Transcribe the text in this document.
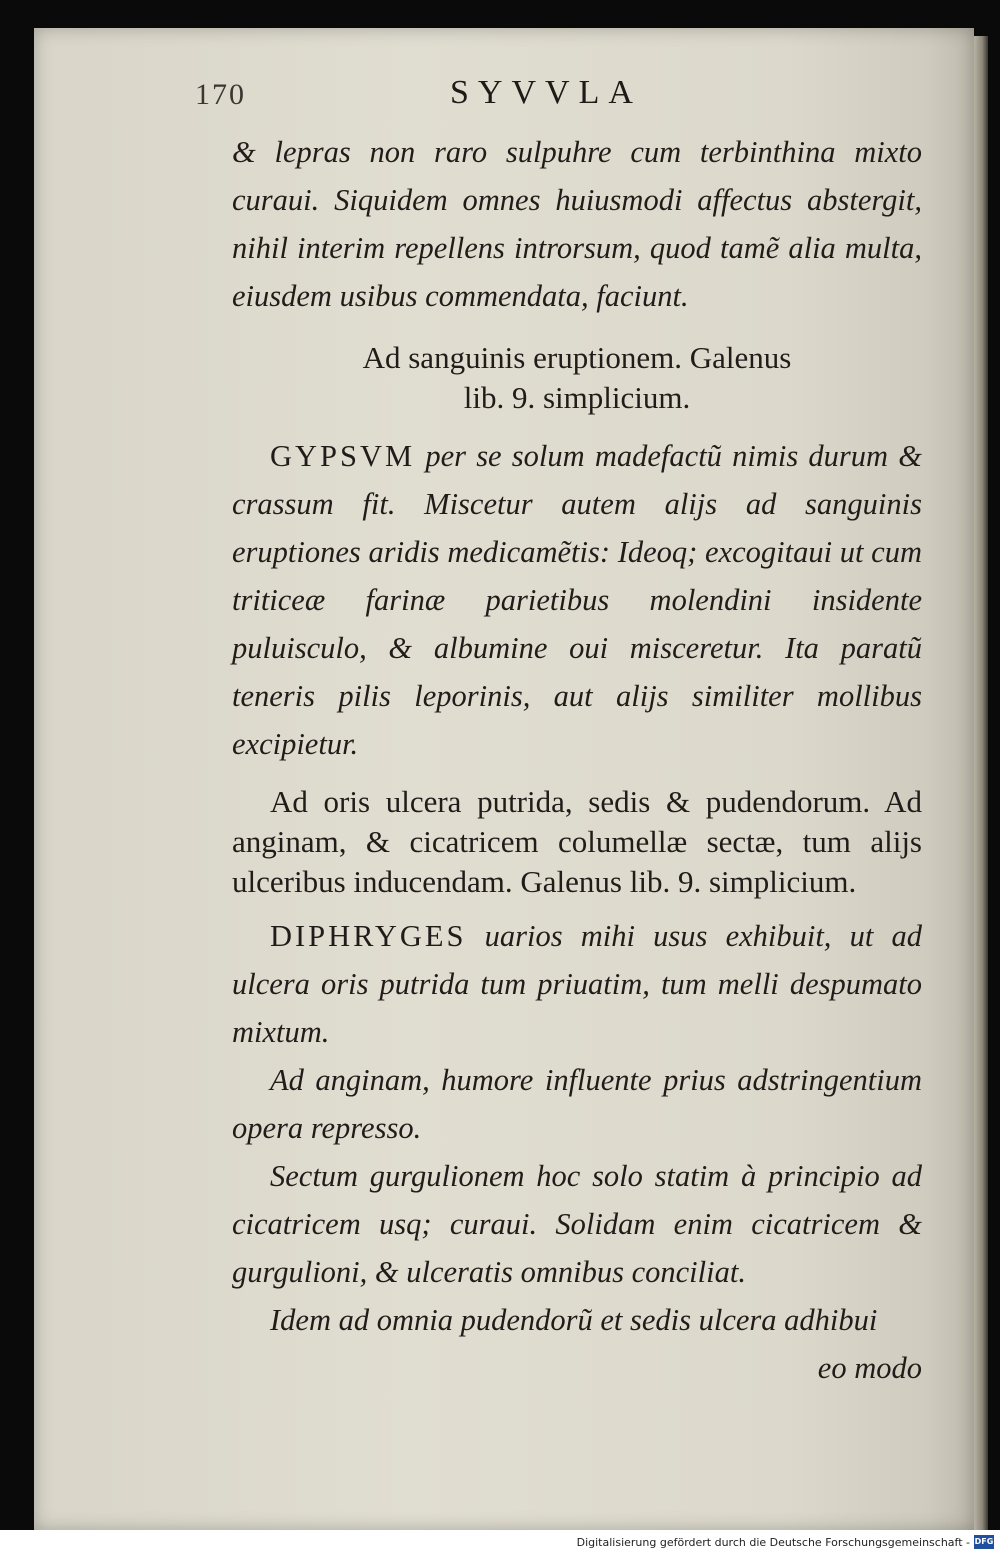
170	SYVVLA

& lepras non raro sulpuhre cum terbinthina mixto curaui. Siquidem omnes huiusmodi affectus abstergit, nihil interim repellens introrsum, quod tamẽ alia multa, eiusdem usibus commendata, faciunt.

Ad sanguinis eruptionem. Galenus

lib. 9. simplicium.

GYPSVM per se solum madefactũ nimis durum & crassum fit. Miscetur autem alijs ad sanguinis eruptiones aridis medicamẽtis: Ideoq; excogitaui ut cum triticeæ farinæ parietibus molendini insidente puluisculo, & albumine oui misceretur. Ita paratũ teneris pilis leporinis, aut alijs similiter mollibus excipietur.

Ad oris ulcera putrida, sedis & pudendorum. Ad anginam, & cicatricem columellæ sectæ, tum alijs ulceribus inducendam. Galenus lib. 9. simplicium.

DIPHRYGES uarios mihi usus exhibuit, ut ad ulcera oris putrida tum priuatim, tum melli despumato mixtum.

Ad anginam, humore influente prius adstringentium opera represso.

Sectum gurgulionem hoc solo statim à principio ad cicatricem usq; curaui. Solidam enim cicatricem & gurgulioni, & ulceratis omnibus conciliat.

Idem ad omnia pudendorũ et sedis ulcera adhibui

eo modo

Digitalisierung gefördert durch die Deutsche Forschungsgemeinschaft - DFG
